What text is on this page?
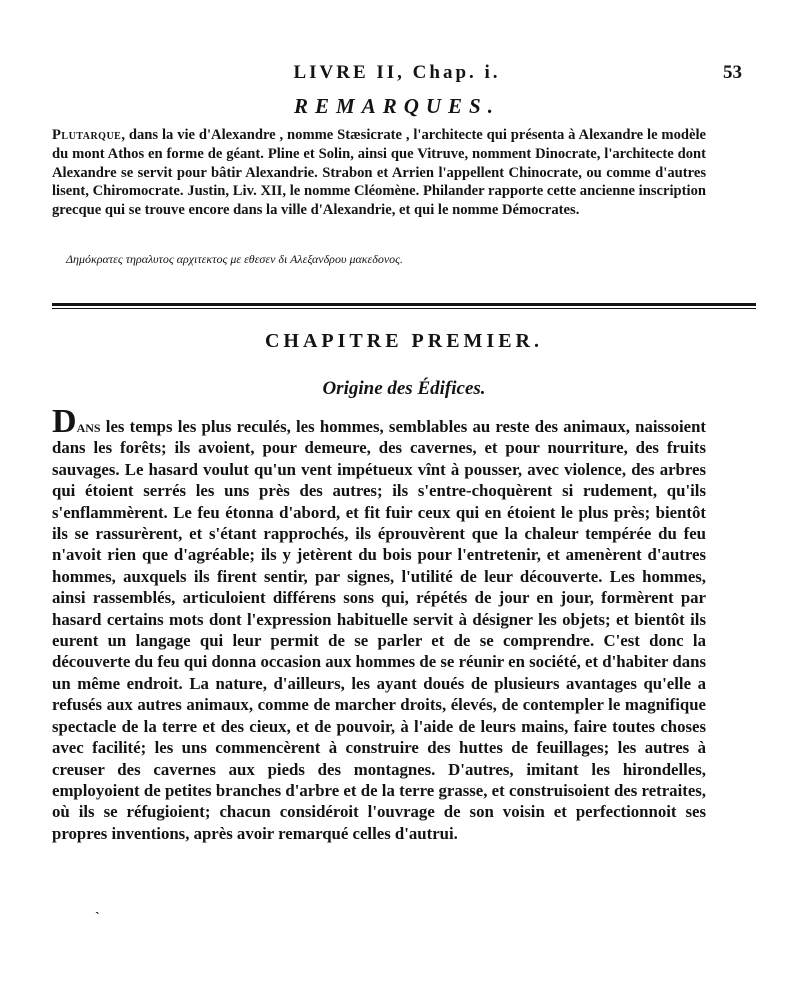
LIVRE II, Chap. i.	53
REMARQUES.
Plutarque, dans la vie d'Alexandre , nomme Stæsicrate , l'architecte qui présenta à Alexandre le modèle du mont Athos en forme de géant. Pline et Solin, ainsi que Vitruve, nomment Dinocrate, l'architecte dont Alexandre se servit pour bâtir Alexandrie. Strabon et Arrien l'appellent Chinocrate, ou comme d'autres lisent, Chiromocrate. Justin, Liv. XII, le nomme Cléomène. Philander rapporte cette ancienne inscription grecque qui se trouve encore dans la ville d'Alexandrie, et qui le nomme Démocrates.
Δημόκρατες τηραλυτος αρχιτεκτος με εθεσεν δι Αλεξανδρου μακεδονος.
CHAPITRE PREMIER.
Origine des Édifices.
Dans les temps les plus reculés, les hommes, semblables au reste des animaux, naissoient dans les forêts; ils avoient, pour demeure, des cavernes, et pour nourriture, des fruits sauvages. Le hasard voulut qu'un vent impétueux vînt à pousser, avec violence, des arbres qui étoient serrés les uns près des autres; ils s'entre-choquèrent si rudement, qu'ils s'enflammèrent. Le feu étonna d'abord, et fit fuir ceux qui en étoient le plus près; bientôt ils se rassurèrent, et s'étant rapprochés, ils éprouvèrent que la chaleur tempérée du feu n'avoit rien que d'agréable; ils y jetèrent du bois pour l'entretenir, et amenèrent d'autres hommes, auxquels ils firent sentir, par signes, l'utilité de leur découverte. Les hommes, ainsi rassemblés, articuloient différens sons qui, répétés de jour en jour, formèrent par hasard certains mots dont l'expression habituelle servit à désigner les objets; et bientôt ils eurent un langage qui leur permit de se parler et de se comprendre. C'est donc la découverte du feu qui donna occasion aux hommes de se réunir en société, et d'habiter dans un même endroit. La nature, d'ailleurs, les ayant doués de plusieurs avantages qu'elle a refusés aux autres animaux, comme de marcher droits, élevés, de contempler le magnifique spectacle de la terre et des cieux, et de pouvoir, à l'aide de leurs mains, faire toutes choses avec facilité; les uns commencèrent à construire des huttes de feuillages; les autres à creuser des cavernes aux pieds des montagnes. D'autres, imitant les hirondelles, employoient de petites branches d'arbre et de la terre grasse, et construisoient des retraites, où ils se réfugioient; chacun considéroit l'ouvrage de son voisin et perfectionnoit ses propres inventions, après avoir remarqué celles d'autrui.
ˎ
